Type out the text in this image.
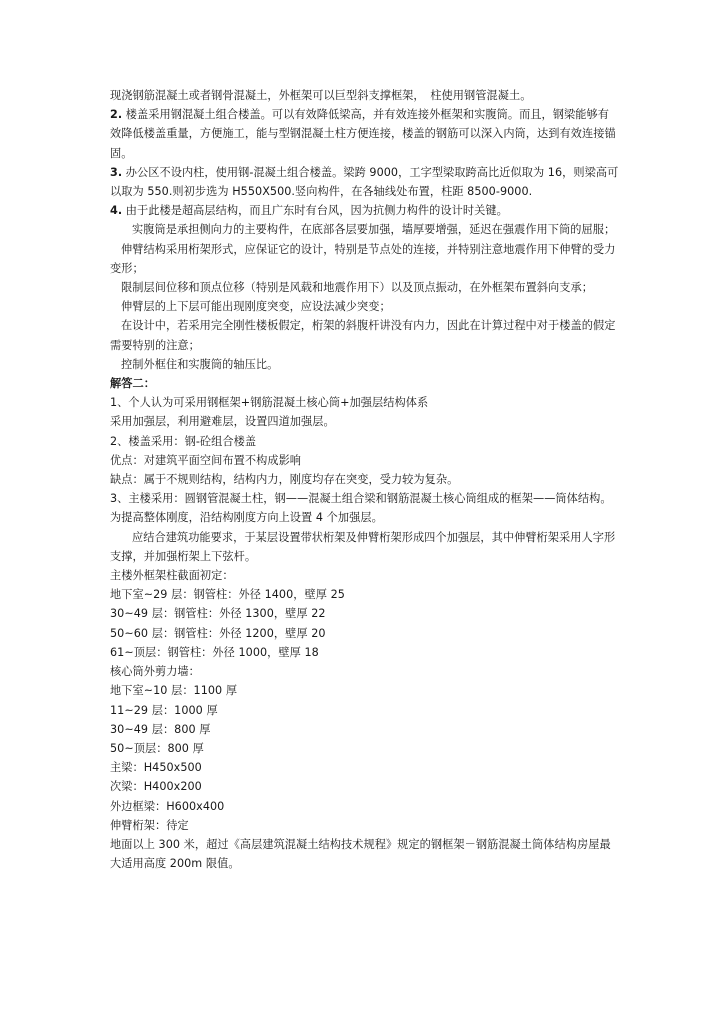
现浇钢筋混凝土或者钢骨混凝土，外框架可以巨型斜支撑框架，　柱使用钢管混凝土。

2. 楼盖采用钢混凝土组合楼盖。可以有效降低梁高，并有效连接外框架和实腹筒。而且，钢梁能够有效降低楼盖重量，方便施工，能与型钢混凝土柱方便连接，楼盖的钢筋可以深入内筒，达到有效连接锚固。

3. 办公区不设内柱，使用钢-混凝土组合楼盖。梁跨 9000，工字型梁取跨高比近似取为 16，则梁高可以取为 550.则初步选为 H550X500.竖向构件，在各轴线处布置，柱距 8500-9000.

4. 由于此楼是超高层结构，而且广东时有台风，因为抗侧力构件的设计时关键。

实腹筒是承担侧向力的主要构件，在底部各层要加强，墙厚要增强，延迟在强震作用下筒的屈服；

伸臂结构采用桁架形式，应保证它的设计，特别是节点处的连接，并特别注意地震作用下伸臂的受力变形；

限制层间位移和顶点位移（特别是风载和地震作用下）以及顶点振动，在外框架布置斜向支承；

伸臂层的上下层可能出现刚度突变，应设法减少突变；

在设计中，若采用完全刚性楼板假定，桁架的斜腹杆讲没有内力，因此在计算过程中对于楼盖的假定需要特别的注意；

控制外框住和实腹筒的轴压比。

解答二：

1、个人认为可采用钢框架+钢筋混凝土核心筒+加强层结构体系

采用加强层，利用避难层，设置四道加强层。

2、楼盖采用：钢-砼组合楼盖

优点：对建筑平面空间布置不构成影响

缺点：属于不规则结构，结构内力，刚度均存在突变，受力较为复杂。

3、主楼采用：圆钢管混凝土柱，钢——混凝土组合梁和钢筋混凝土核心筒组成的框架——筒体结构。为提高整体刚度，沿结构刚度方向上设置 4 个加强层。

应结合建筑功能要求，于某层设置带状桁架及伸臂桁架形成四个加强层，其中伸臂桁架采用人字形支撑，并加强桁架上下弦杆。

主楼外框架柱截面初定：

地下室~29 层：钢管柱：外径 1400，壁厚 25

30~49 层：钢管柱：外径 1300，壁厚 22

50~60 层：钢管柱：外径 1200，壁厚 20

61~顶层：钢管柱：外径 1000，壁厚 18

核心筒外剪力墙：

地下室~10 层：1100 厚

11~29 层：1000 厚

30~49 层：800 厚

50~顶层：800 厚

主梁：H450x500

次梁：H400x200

外边框梁：H600x400

伸臂桁架：待定

地面以上 300 米，超过《高层建筑混凝土结构技术规程》规定的钢框架－钢筋混凝土筒体结构房屋最大适用高度 200m 限值。
